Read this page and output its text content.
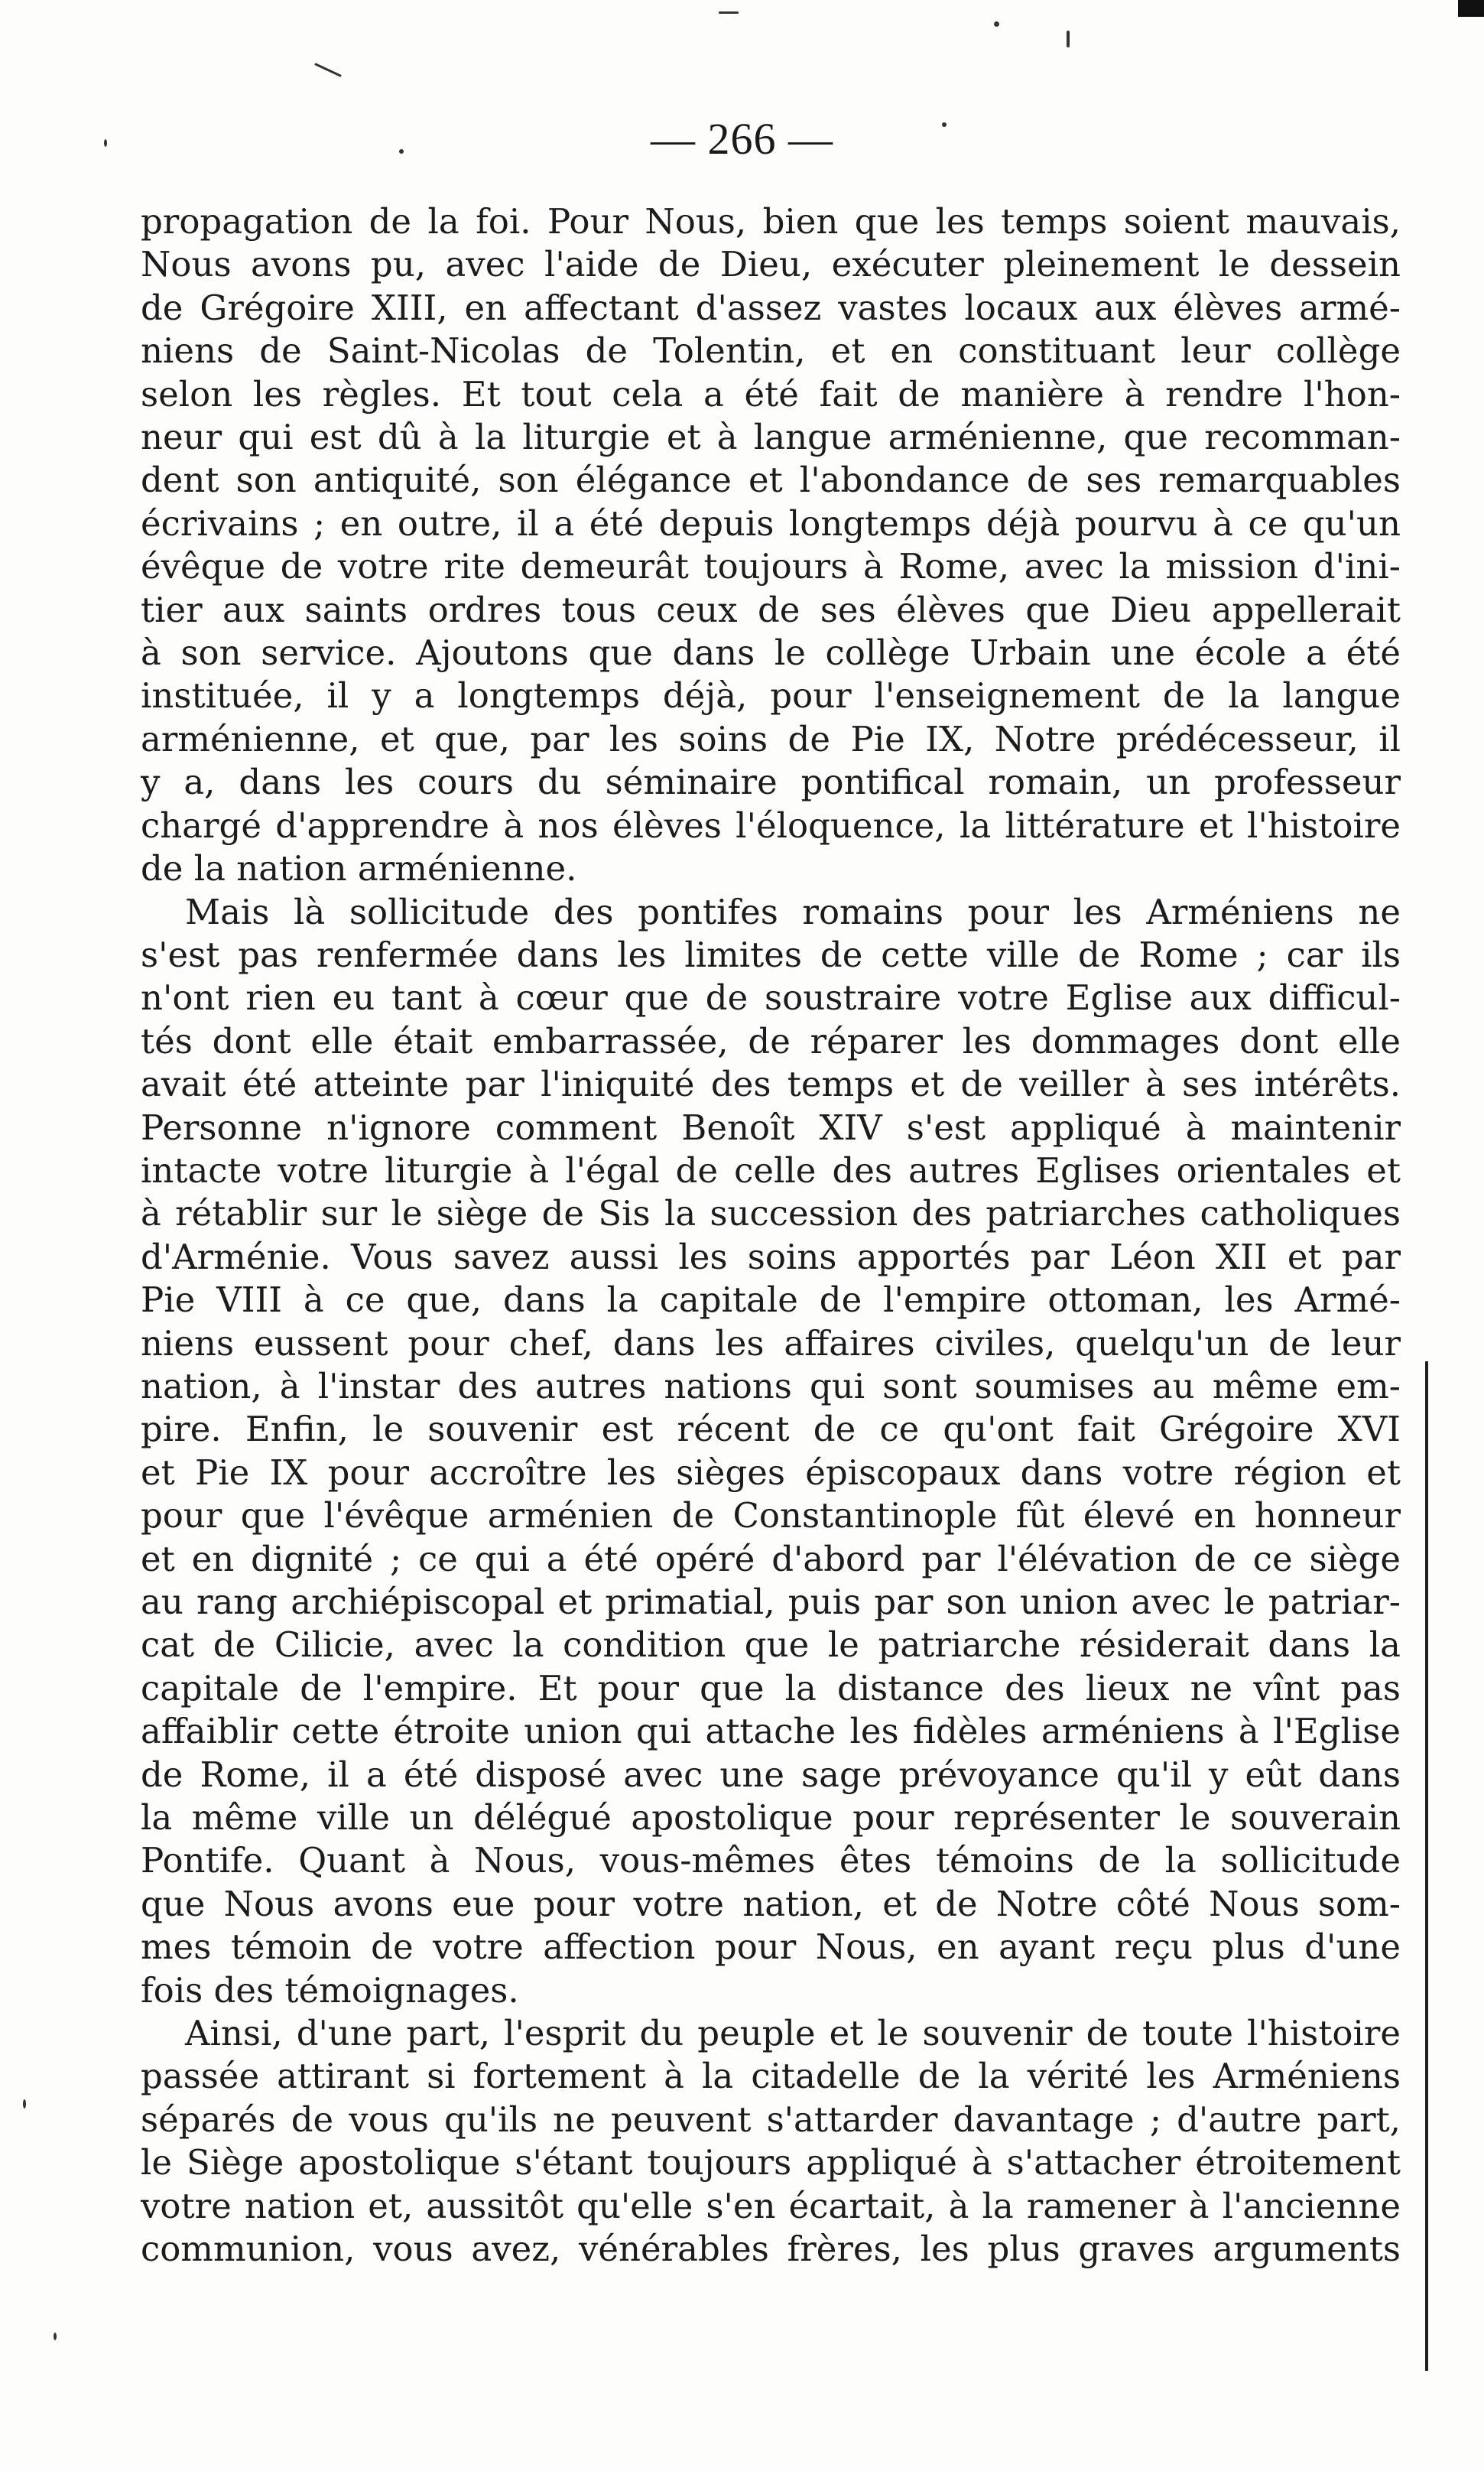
— 266 —
propagation de la foi. Pour Nous, bien que les temps soient mauvais,
Nous avons pu, avec l'aide de Dieu, exécuter pleinement le dessein
de Grégoire XIII, en affectant d'assez vastes locaux aux élèves armé-
niens de Saint-Nicolas de Tolentin, et en constituant leur collège
selon les règles. Et tout cela a été fait de manière à rendre l'hon-
neur qui est dû à la liturgie et à langue arménienne, que recomman-
dent son antiquité, son élégance et l'abondance de ses remarquables
écrivains ; en outre, il a été depuis longtemps déjà pourvu à ce qu'un
évêque de votre rite demeurât toujours à Rome, avec la mission d'ini-
tier aux saints ordres tous ceux de ses élèves que Dieu appellerait
à son service. Ajoutons que dans le collège Urbain une école a été
instituée, il y a longtemps déjà, pour l'enseignement de la langue
arménienne, et que, par les soins de Pie IX, Notre prédécesseur, il
y a, dans les cours du séminaire pontifical romain, un professeur
chargé d'apprendre à nos élèves l'éloquence, la littérature et l'histoire
de la nation arménienne.
Mais là sollicitude des pontifes romains pour les Arméniens ne
s'est pas renfermée dans les limites de cette ville de Rome ; car ils
n'ont rien eu tant à cœur que de soustraire votre Eglise aux difficul-
tés dont elle était embarrassée, de réparer les dommages dont elle
avait été atteinte par l'iniquité des temps et de veiller à ses intérêts.
Personne n'ignore comment Benoît XIV s'est appliqué à maintenir
intacte votre liturgie à l'égal de celle des autres Eglises orientales et
à rétablir sur le siège de Sis la succession des patriarches catholiques
d'Arménie. Vous savez aussi les soins apportés par Léon XII et par
Pie VIII à ce que, dans la capitale de l'empire ottoman, les Armé-
niens eussent pour chef, dans les affaires civiles, quelqu'un de leur
nation, à l'instar des autres nations qui sont soumises au même em-
pire. Enfin, le souvenir est récent de ce qu'ont fait Grégoire XVI
et Pie IX pour accroître les sièges épiscopaux dans votre région et
pour que l'évêque arménien de Constantinople fût élevé en honneur
et en dignité ; ce qui a été opéré d'abord par l'élévation de ce siège
au rang archiépiscopal et primatial, puis par son union avec le patriar-
cat de Cilicie, avec la condition que le patriarche résiderait dans la
capitale de l'empire. Et pour que la distance des lieux ne vînt pas
affaiblir cette étroite union qui attache les fidèles arméniens à l'Eglise
de Rome, il a été disposé avec une sage prévoyance qu'il y eût dans
la même ville un délégué apostolique pour représenter le souverain
Pontife. Quant à Nous, vous-mêmes êtes témoins de la sollicitude
que Nous avons eue pour votre nation, et de Notre côté Nous som-
mes témoin de votre affection pour Nous, en ayant reçu plus d'une
fois des témoignages.
Ainsi, d'une part, l'esprit du peuple et le souvenir de toute l'histoire
passée attirant si fortement à la citadelle de la vérité les Arméniens
séparés de vous qu'ils ne peuvent s'attarder davantage ; d'autre part,
le Siège apostolique s'étant toujours appliqué à s'attacher étroitement
votre nation et, aussitôt qu'elle s'en écartait, à la ramener à l'ancienne
communion, vous avez, vénérables frères, les plus graves arguments
